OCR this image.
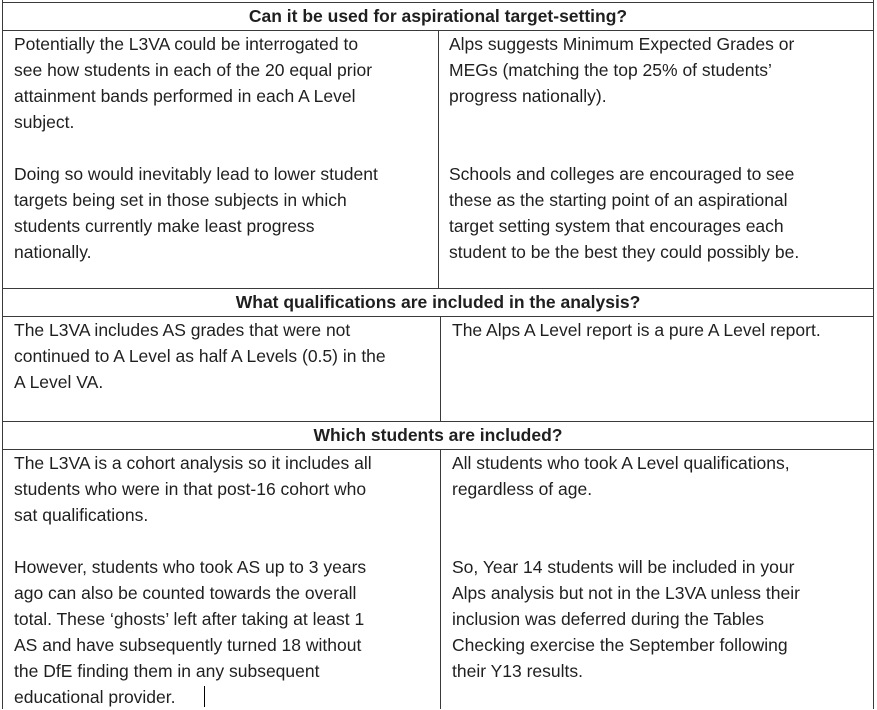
Can it be used for aspirational target-setting?
Potentially the L3VA could be interrogated to
see how students in each of the 20 equal prior
attainment bands performed in each A Level
subject.

Doing so would inevitably lead to lower student
targets being set in those subjects in which
students currently make least progress
nationally.
Alps suggests Minimum Expected Grades or
MEGs (matching the top 25% of students’
progress nationally).

Schools and colleges are encouraged to see
these as the starting point of an aspirational
target setting system that encourages each
student to be the best they could possibly be.
What qualifications are included in the analysis?
The L3VA includes AS grades that were not
continued to A Level as half A Levels (0.5) in the
A Level VA.
The Alps A Level report is a pure A Level report.
Which students are included?
The L3VA is a cohort analysis so it includes all
students who were in that post-16 cohort who
sat qualifications.

However, students who took AS up to 3 years
ago can also be counted towards the overall
total. These ‘ghosts’ left after taking at least 1
AS and have subsequently turned 18 without
the DfE finding them in any subsequent
educational provider.
All students who took A Level qualifications,
regardless of age.

So, Year 14 students will be included in your
Alps analysis but not in the L3VA unless their
inclusion was deferred during the Tables
Checking exercise the September following
their Y13 results.
